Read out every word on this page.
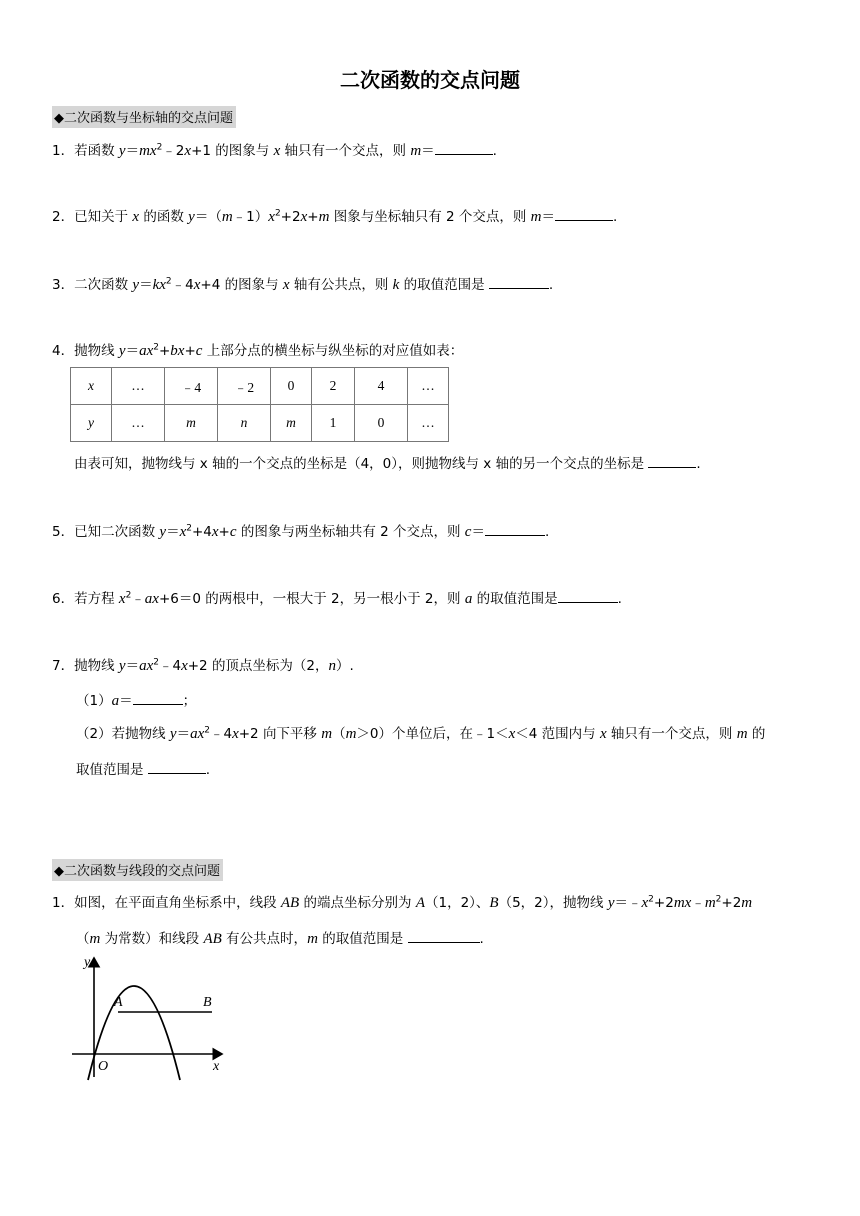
二次函数的交点问题
◆二次函数与坐标轴的交点问题
1．若函数 $y=mx^2﹣2x+1$ 的图象与 x 轴只有一个交点，则 m＝	.
2．已知关于 x 的函数 $y=(m﹣1)x^2+2x+m$ 图象与坐标轴只有 2 个交点，则 m＝	.
3．二次函数 $y=kx^2﹣4x+4$ 的图象与 x 轴有公共点，则 k 的取值范围是	.
4．抛物线 $y=ax^2+bx+c$ 上部分点的横坐标与纵坐标的对应值如表：
x	…	﹣4	﹣2	0	2	4	…
y	…	m	n	m	1	0	…
由表可知，抛物线与 x 轴的一个交点的坐标是（4，0），则抛物线与 x 轴的另一个交点的坐标是	.
5．已知二次函数 $y=x^2+4x+c$ 的图象与两坐标轴共有 2 个交点，则 c＝	.
6．若方程 $x^2﹣ax+6=0$ 的两根中，一根大于 2，另一根小于 2，则 a 的取值范围是	.
7．抛物线 $y=ax^2﹣4x+2$ 的顶点坐标为（2，n）.
（1）a＝	；
（2）若抛物线 $y=ax^2﹣4x+2$ 向下平移 m（m＞0）个单位后，在﹣1＜x＜4 范围内与 x 轴只有一个交点，则 m 的
取值范围是	.
◆二次函数与线段的交点问题
1．如图，在平面直角坐标系中，线段 AB 的端点坐标分别为 A（1，2）、B（5，2），抛物线 $y=﹣x^2+2mx﹣m^2+2m$
（m 为常数）和线段 AB 有公共点时，m 的取值范围是	.
y
x
O
A	B
